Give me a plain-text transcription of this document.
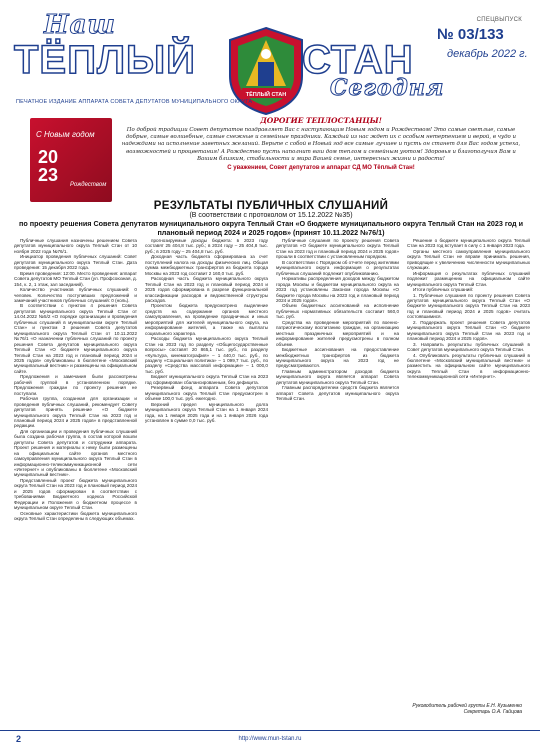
СПЕЦВЫПУСК
Наш
ТЁПЛЫЙ	СТАН
Сегодня
№ 03/133
декабрь 2022 г.
ТЁПЛЫЙ СТАН
ПЕЧАТНОЕ ИЗДАНИЕ АППАРАТА СОВЕТА ДЕПУТАТОВ МУНИЦИПАЛЬНОГО ОКРУГА
С Новым годом
20
23 Рождеством
ДОРОГИЕ ТЕПЛОСТАНЦЫ!
По доброй традиции Совет депутатов поздравляет Вас с наступающим Новым годом и Рождеством! Это самые светлые, самые добрые, самые волшебные, самые снежные и семейные праздники. Каждый из нас ждет их с особым нетерпением и верой, в чудо и надеждами на исполнение заветных желаний. Верьте с собой в Новый год все самые лучшее и пусть он станет для Вас годом успеха, возможностей и процветания! А Рождество пусть наполнит ваш дом теплом и семейным уютом! Здоровья и благополучия Вам и Вашим близким, стабильности и мира Вашей семье, интересных жизни и радости!
С уважением, Совет депутатов и аппарат СД МО Тёплый Стан!
РЕЗУЛЬТАТЫ ПУБЛИЧНЫХ СЛУШАНИЙ
(В соответствии с протоколом от 15.12.2022 №35)
по проекту решения Совета депутатов муниципального округа Теплый Стан «О бюджете муниципального округа Теплый Стан на 2023 год и плановый период 2024 и 2025 годов» (принят 10.11.2022 №76/1)

Публичные слушания назначены решением Совета депутатов муниципального округа Теплый Стан от 10 ноября 2022 года №76/1.

Инициатор проведения публичных слушаний: Совет депутатов муниципального округа Теплый Стан. Дата проведения: 15 декабря 2022 года.

Время проведения: 12:00. Место проведения: аппарат Совета депутатов МО Теплый Стан (ул. Профсоюзная, д. 154, к. 2, 1 этаж, зал заседаний).

Количество участников публичных слушаний: 0 человек. Количество поступивших предложений и замечаний участников публичных слушаний: 0 (ноль).

В соответствии с пунктом 4 решения Совета депутатов муниципального округа Теплый Стан от 14.04.2022 №5/2 «О порядке организации и проведения публичных слушаний в муниципальном округе Теплый Стан» и пунктом 3 решения Совета депутатов муниципального округа Теплый Стан от 10.11.2022 №76/1 «О назначении публичных слушаний по проекту решения Совета депутатов муниципального округа Теплый Стан «О бюджете муниципального округа Теплый Стан на 2023 год и плановый период 2024 и 2025 годов» опубликованы в бюллетене «Московский муниципальный вестник» и размещены на официальном сайте.

Предложения и замечания были рассмотрены рабочей группой в установленном порядке. Предложения граждан по проекту решения не поступали.

Рабочая группа, созданная для организации и проведения публичных слушаний, рекомендует Совету депутатов принять решение «О бюджете муниципального округа Теплый Стан на 2023 год и плановый период 2024 и 2025 годов» в представленной редакции.

Для организации и проведения публичных слушаний была создана рабочая группа, в состав которой вошли депутаты Совета депутатов и сотрудники аппарата. Проект решения и материалы к нему были размещены на официальном сайте органов местного самоуправления муниципального округа Теплый Стан в информационно-телекоммуникационной сети «Интернет» и опубликованы в бюллетене «Московский муниципальный вестник».

Представленный проект бюджета муниципального округа Теплый Стан на 2023 год и плановый период 2024 и 2025 годов сформирован в соответствии с требованиями Бюджетного кодекса Российской Федерации и Положения о бюджетном процессе в муниципальном округе Теплый Стан.

Основные характеристики бюджета муниципального округа Теплый Стан определены в следующих объемах.

прогнозируемые доходы бюджета: в 2023 году составят 25 404,8 тыс. руб.; в 2024 году – 25 404,8 тыс. руб.; в 2025 году – 25 404,8 тыс. руб.

Доходная часть бюджета сформирована за счет поступлений налога на доходы физических лиц. Общая сумма межбюджетных трансфертов из бюджета города Москвы на 2023 год составит 2 160,0 тыс. руб.

Расходная часть бюджета муниципального округа Теплый Стан на 2023 год и плановый период 2024 и 2025 годов сформирована в разрезе функциональной классификации расходов и ведомственной структуры расходов.

Проектом бюджета предусмотрено выделение средств на содержание органов местного самоуправления, на проведение праздничных и иных мероприятий для жителей муниципального округа, на информирование жителей, а также на выплаты социального характера.

Расходы бюджета муниципального округа Теплый Стан на 2023 год по разделу «Общегосударственные вопросы» составят 20 865,1 тыс. руб., по разделу «Культура, кинематография» – 1 440,0 тыс. руб., по разделу «Социальная политика» – 1 099,7 тыс. руб., по разделу «Средства массовой информации» – 1 000,0 тыс. руб.

Бюджет муниципального округа Теплый Стан на 2023 год сформирован сбалансированным, без дефицита.

Резервный фонд аппарата Совета депутатов муниципального округа Теплый Стан предусмотрен в объеме 100,0 тыс. руб. ежегодно.

Верхний предел муниципального долга муниципального округа Теплый Стан на 1 января 2024 года, на 1 января 2025 года и на 1 января 2026 года установлен в сумме 0,0 тыс. руб.

Публичные слушания по проекту решения Совета депутатов «О бюджете муниципального округа Теплый Стан на 2023 год и плановый период 2024 и 2025 годов» прошли в соответствии с установленным порядком.

В соответствии с Порядком об отчете перед жителями муниципального округа информация о результатах публичных слушаний подлежит опубликованию.

Нормативы распределения доходов между бюджетом города Москвы и бюджетом муниципального округа на 2023 год установлены Законом города Москвы «О бюджете города Москвы на 2023 год и плановый период 2024 и 2025 годов».

Объем бюджетных ассигнований на исполнение публичных нормативных обязательств составит 560,0 тыс. руб.

Средства на проведение мероприятий по военно-патриотическому воспитанию граждан, на организацию местных праздничных мероприятий и на информирование жителей предусмотрены в полном объеме.

Бюджетные ассигнования на предоставление межбюджетных трансфертов из бюджета муниципального округа на 2023 год не предусматриваются.

Главным администратором доходов бюджета муниципального округа является аппарат Совета депутатов муниципального округа Теплый Стан.

Главным распорядителем средств бюджета является аппарат Совета депутатов муниципального округа Теплый Стан.

Решение о бюджете муниципального округа Теплый Стан на 2023 год вступает в силу с 1 января 2023 года.

Органы местного самоуправления муниципального округа Теплый Стан не вправе принимать решения, приводящие к увеличению численности муниципальных служащих.

Информация о результатах публичных слушаний подлежит размещению на официальном сайте муниципального округа Теплый Стан.

Итоги публичных слушаний:

1. Публичные слушания по проекту решения Совета депутатов муниципального округа Теплый Стан «О бюджете муниципального округа Теплый Стан на 2023 год и плановый период 2024 и 2025 годов» считать состоявшимися.

2. Поддержать проект решения Совета депутатов муниципального округа Теплый Стан «О бюджете муниципального округа Теплый Стан на 2023 год и плановый период 2024 и 2025 годов».

3. Направить результаты публичных слушаний в Совет депутатов муниципального округа Теплый Стан.

4. Опубликовать результаты публичных слушаний в бюллетене «Московский муниципальный вестник» и разместить на официальном сайте муниципального округа Теплый Стан в информационно-телекоммуникационной сети «Интернет».

Руководитель рабочей группы Е.Н. Кузьменко
Секретарь О.А. Гайцова
2	http://www.mun-tstan.ru
